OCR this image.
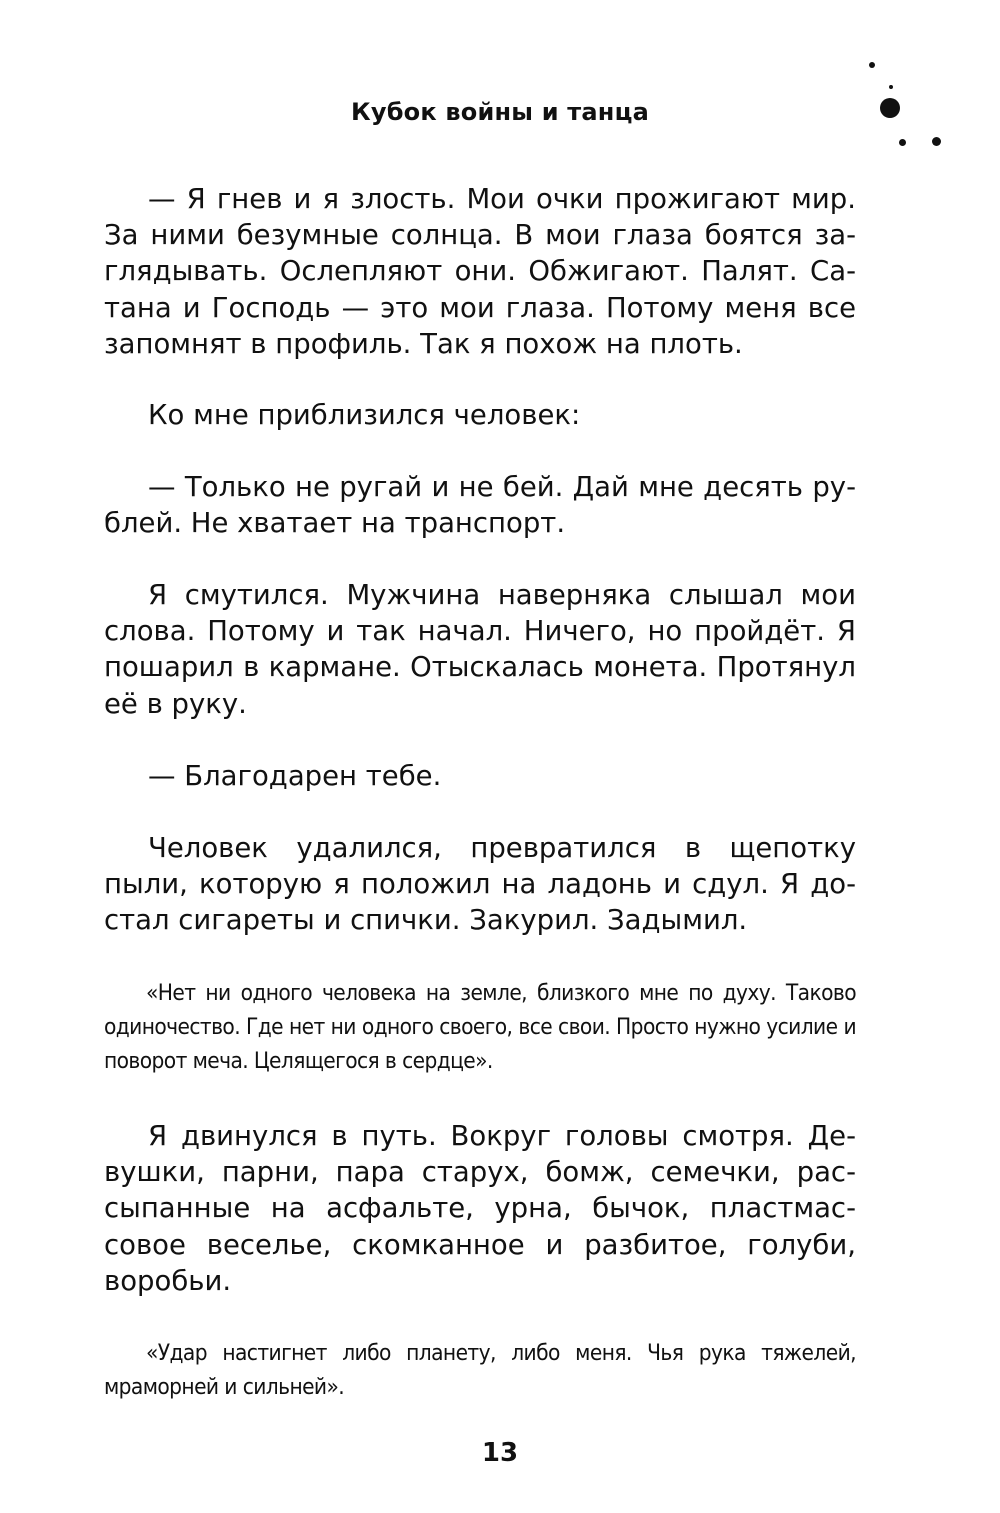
Кубок войны и танца

— Я гнев и я злость. Мои очки прожигают мир. За ними безумные солнца. В мои глаза боятся заглядывать. Ослепляют они. Обжигают. Палят. Сатана и Господь — это мои глаза. Потому меня все запомнят в профиль. Так я похож на плоть.

Ко мне приблизился человек:

— Только не ругай и не бей. Дай мне десять рублей. Не хватает на транспорт.

Я смутился. Мужчина наверняка слышал мои слова. Потому и так начал. Ничего, но пройдёт. Я пошарил в кармане. Отыскалась монета. Протянул её в руку.

— Благодарен тебе.

Человек удалился, превратился в щепотку пыли, которую я положил на ладонь и сдул. Я достал сигареты и спички. Закурил. Задымил.

«Нет ни одного человека на земле, близкого мне по духу. Таково одиночество. Где нет ни одного своего, все свои. Просто нужно усилие и поворот меча. Целящегося в сердце».

Я двинулся в путь. Вокруг головы смотря. Девушки, парни, пара старух, бомж, семечки, рассыпанные на асфальте, урна, бычок, пластмассовое веселье, скомканное и разбитое, голуби, воробьи.

«Удар настигнет либо планету, либо меня. Чья рука тяжелей, мраморней и сильней».

13
